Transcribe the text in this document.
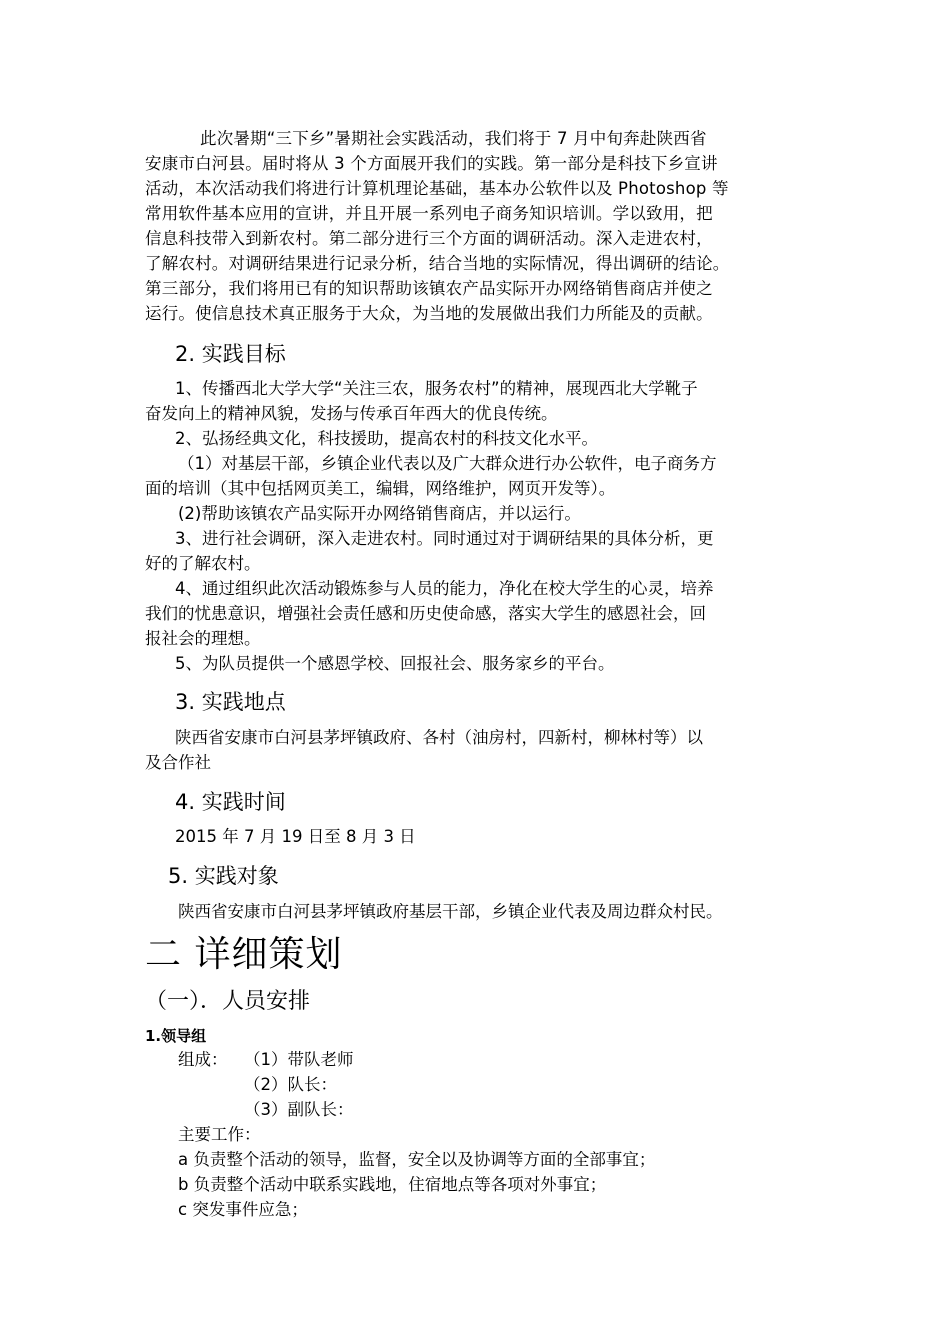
此次暑期“三下乡”暑期社会实践活动，我们将于 7 月中旬奔赴陕西省
安康市白河县。届时将从 3 个方面展开我们的实践。第一部分是科技下乡宣讲
活动，本次活动我们将进行计算机理论基础，基本办公软件以及 Photoshop 等
常用软件基本应用的宣讲，并且开展一系列电子商务知识培训。学以致用，把
信息科技带入到新农村。第二部分进行三个方面的调研活动。深入走进农村，
了解农村。对调研结果进行记录分析，结合当地的实际情况，得出调研的结论。
第三部分，我们将用已有的知识帮助该镇农产品实际开办网络销售商店并使之
运行。使信息技术真正服务于大众，为当地的发展做出我们力所能及的贡献。
2. 实践目标
1、传播西北大学大学“关注三农，服务农村”的精神，展现西北大学靴子
奋发向上的精神风貌，发扬与传承百年西大的优良传统。
2、弘扬经典文化，科技援助，提高农村的科技文化水平。
（1）对基层干部，乡镇企业代表以及广大群众进行办公软件，电子商务方
面的培训（其中包括网页美工，编辑，网络维护，网页开发等）。
(2)帮助该镇农产品实际开办网络销售商店，并以运行。
3、进行社会调研，深入走进农村。同时通过对于调研结果的具体分析，更
好的了解农村。
4、通过组织此次活动锻炼参与人员的能力，净化在校大学生的心灵，培养
我们的忧患意识，增强社会责任感和历史使命感，落实大学生的感恩社会，回
报社会的理想。
5、为队员提供一个感恩学校、回报社会、服务家乡的平台。
3. 实践地点
陕西省安康市白河县茅坪镇政府、各村（油房村，四新村，柳林村等）以
及合作社
4. 实践时间
2015 年 7 月 19 日至 8 月 3 日
5. 实践对象
陕西省安康市白河县茅坪镇政府基层干部，乡镇企业代表及周边群众村民。
二 详细策划
（一）．人员安排
1.领导组
组成： （1）带队老师
（2）队长：
（3）副队长：
主要工作：
a 负责整个活动的领导，监督，安全以及协调等方面的全部事宜；
b 负责整个活动中联系实践地，住宿地点等各项对外事宜；
c 突发事件应急；
